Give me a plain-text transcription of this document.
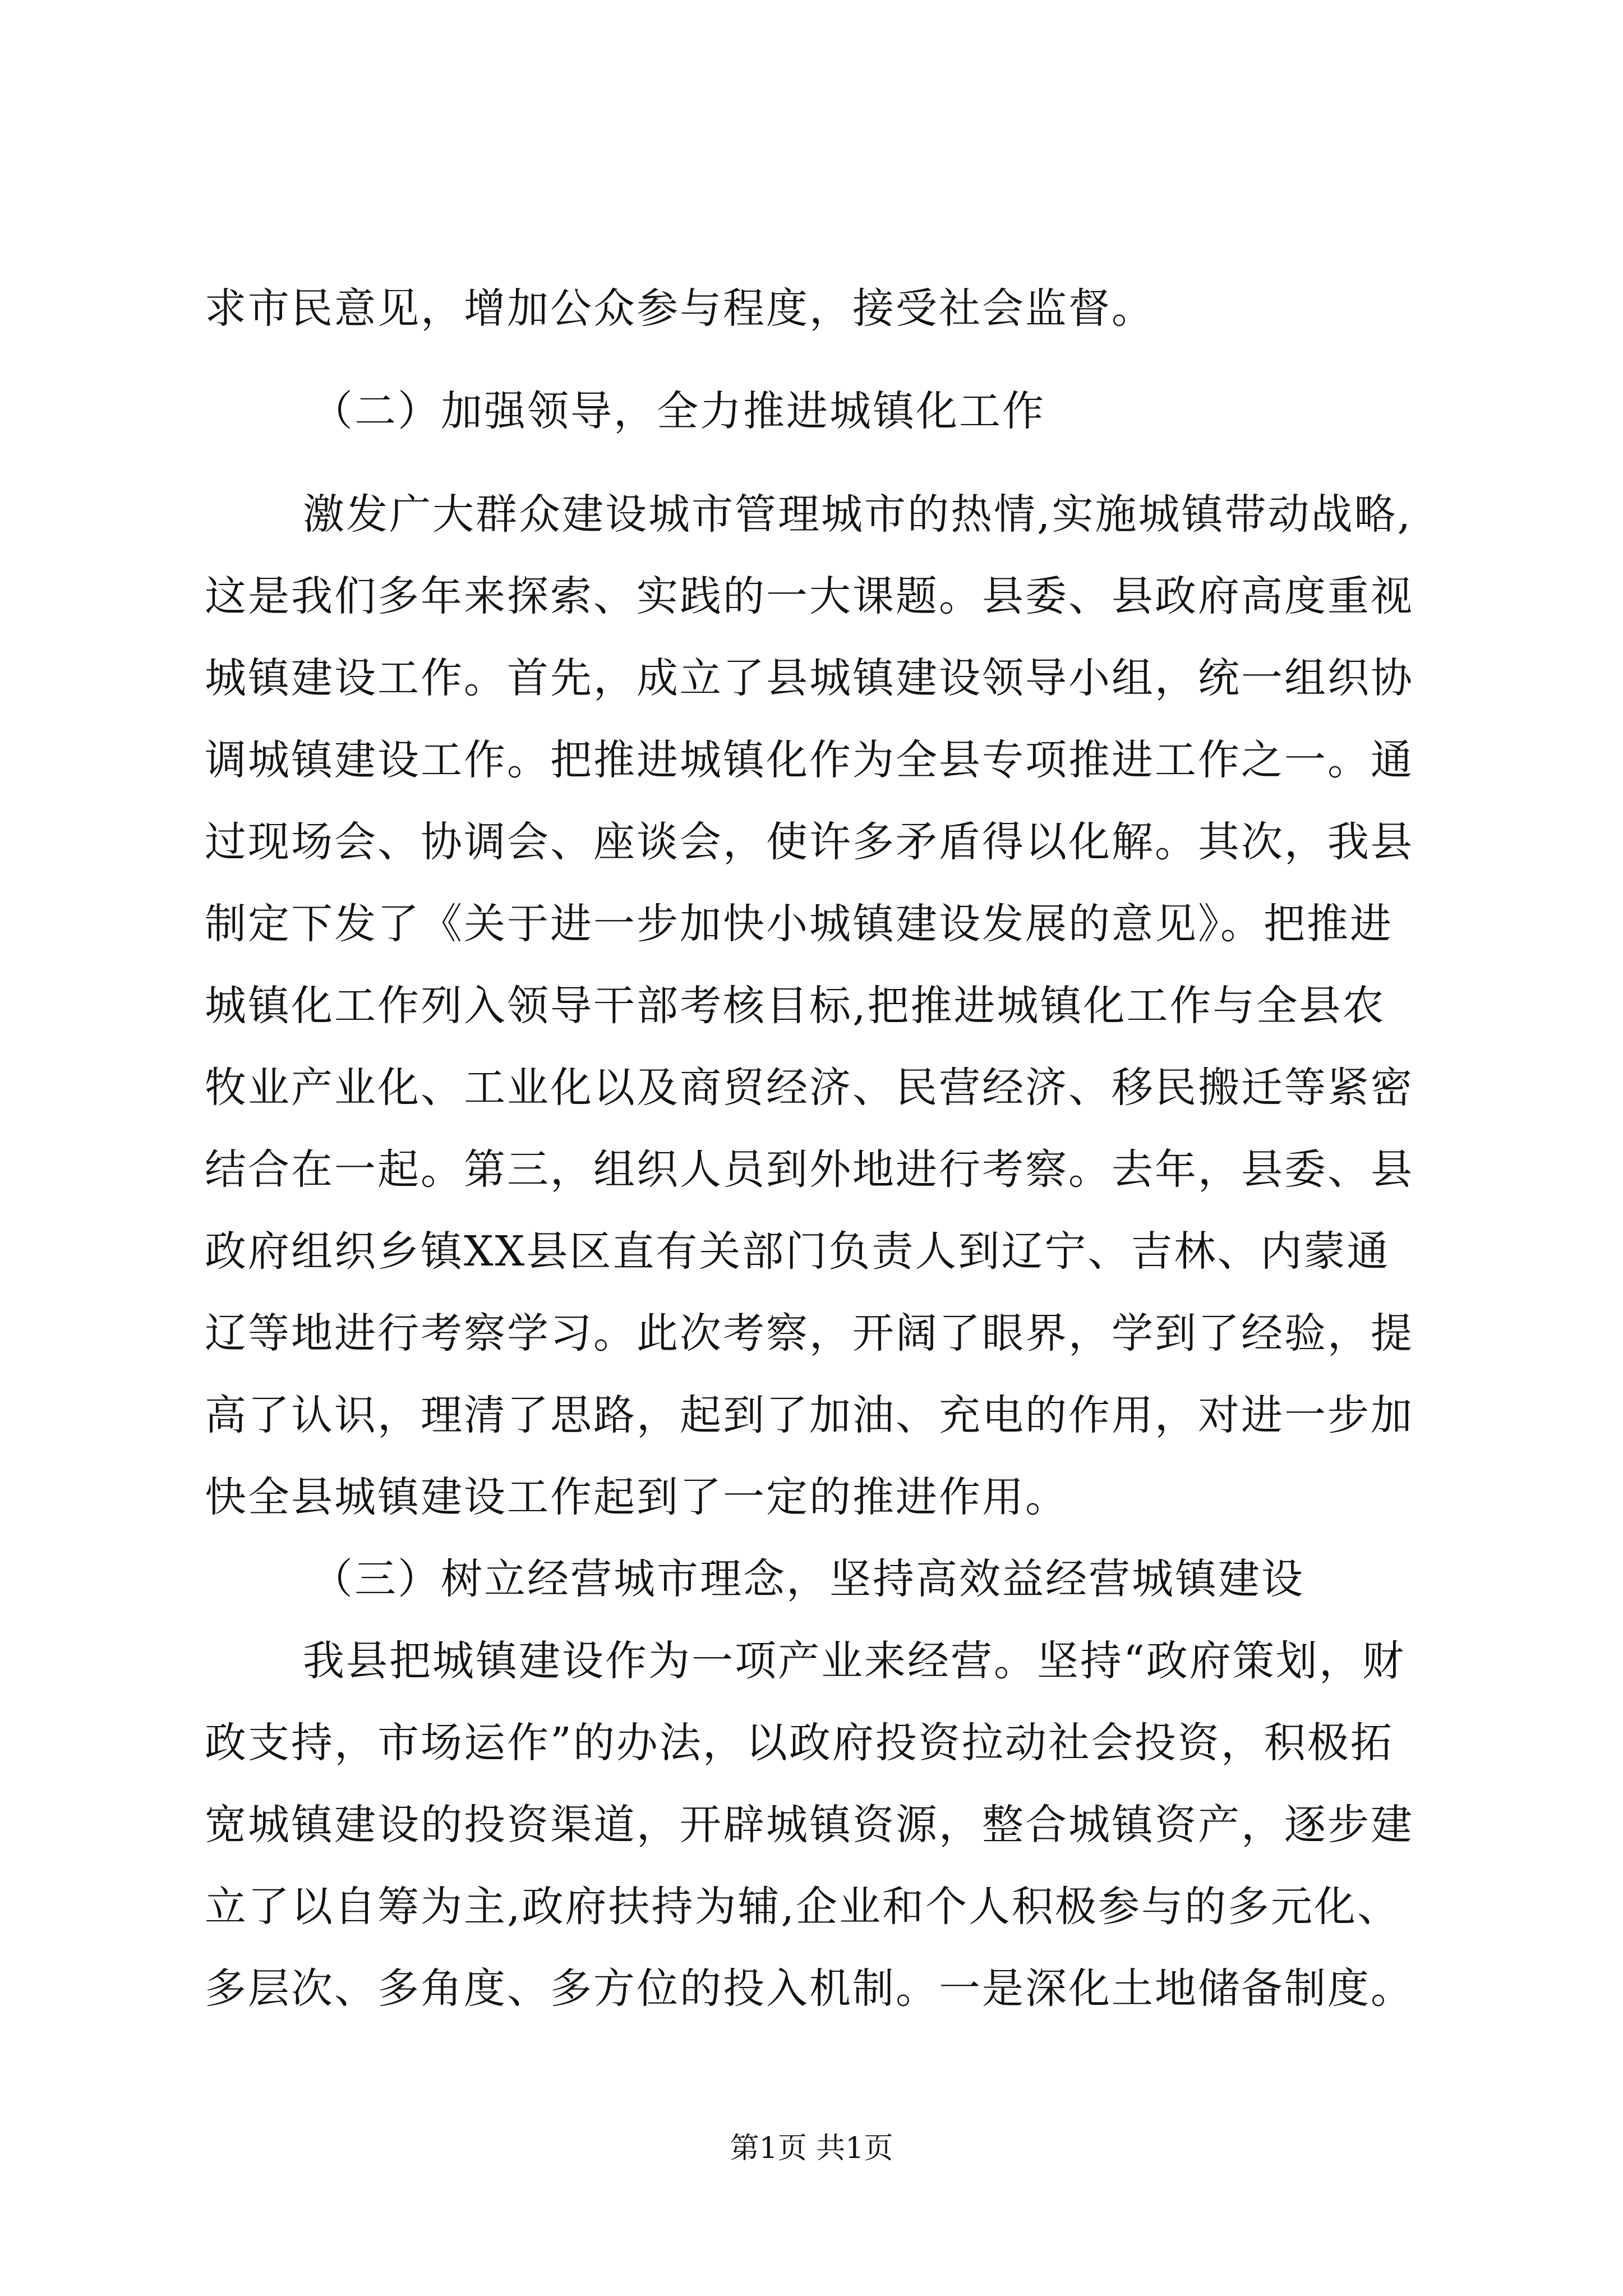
求市民意见，增加公众参与程度，接受社会监督。
（二）加强领导，全力推进城镇化工作
激发广大群众建设城市管理城市的热情,实施城镇带动战略,
这是我们多年来探索、实践的一大课题。县委、县政府高度重视
城镇建设工作。首先，成立了县城镇建设领导小组，统一组织协
调城镇建设工作。把推进城镇化作为全县专项推进工作之一。通
过现场会、协调会、座谈会，使许多矛盾得以化解。其次，我县
制定下发了《关于进一步加快小城镇建设发展的意见》。把推进
城镇化工作列入领导干部考核目标,把推进城镇化工作与全县农
牧业产业化、工业化以及商贸经济、民营经济、移民搬迁等紧密
结合在一起。第三，组织人员到外地进行考察。去年，县委、县
政府组织乡镇XX县区直有关部门负责人到辽宁、吉林、内蒙通
辽等地进行考察学习。此次考察，开阔了眼界，学到了经验，提
高了认识，理清了思路，起到了加油、充电的作用，对进一步加
快全县城镇建设工作起到了一定的推进作用。
（三）树立经营城市理念，坚持高效益经营城镇建设
我县把城镇建设作为一项产业来经营。坚持“政府策划，财
政支持，市场运作”的办法，以政府投资拉动社会投资，积极拓
宽城镇建设的投资渠道，开辟城镇资源，整合城镇资产，逐步建
立了以自筹为主,政府扶持为辅,企业和个人积极参与的多元化、
多层次、多角度、多方位的投入机制。一是深化土地储备制度。
第1页 共1页
